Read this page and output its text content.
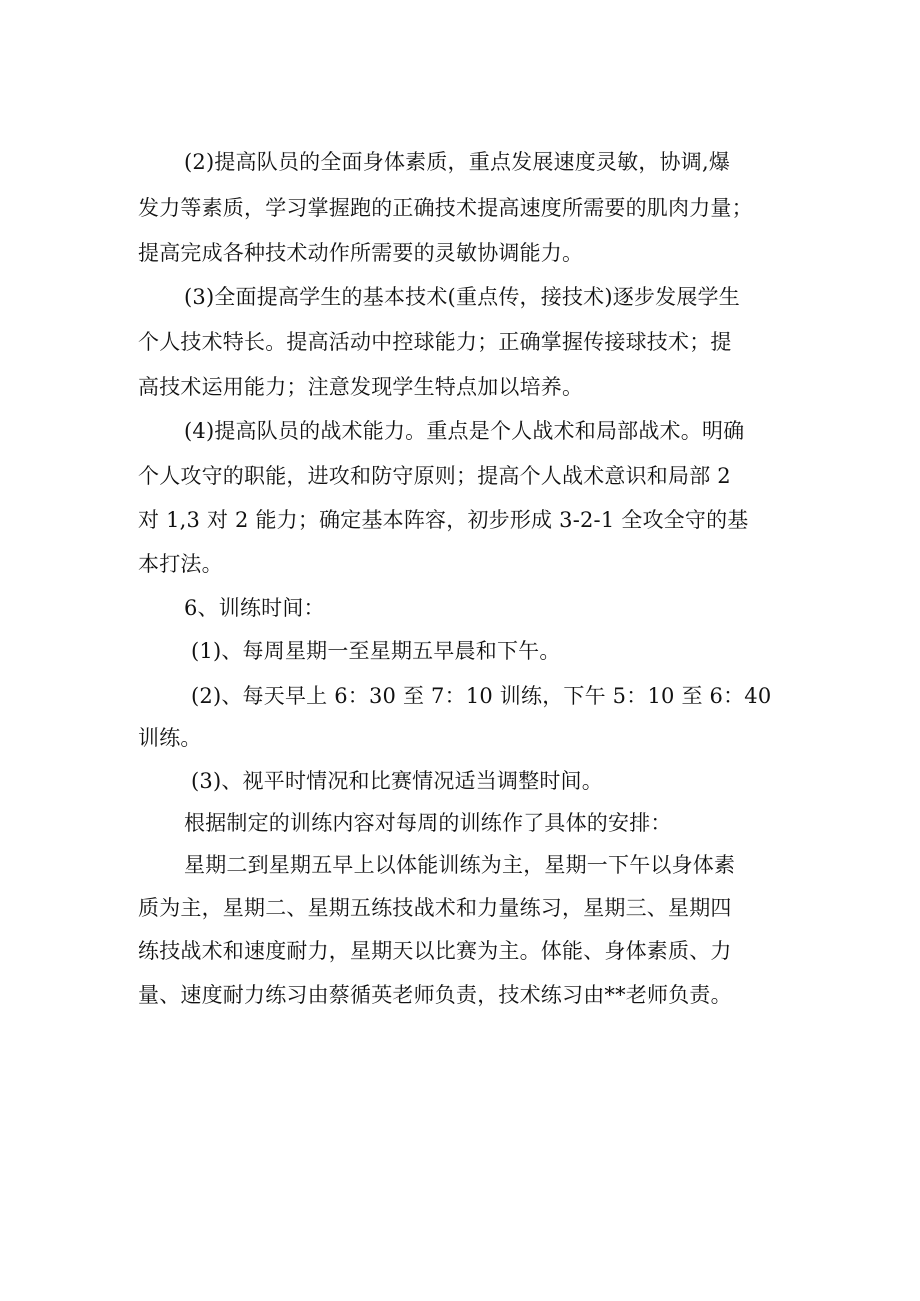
(2)提高队员的全面身体素质，重点发展速度灵敏，协调,爆
发力等素质，学习掌握跑的正确技术提高速度所需要的肌肉力量；
提高完成各种技术动作所需要的灵敏协调能力。
(3)全面提高学生的基本技术(重点传，接技术)逐步发展学生
个人技术特长。提高活动中控球能力；正确掌握传接球技术；提
高技术运用能力；注意发现学生特点加以培养。
(4)提高队员的战术能力。重点是个人战术和局部战术。明确
个人攻守的职能，进攻和防守原则；提高个人战术意识和局部 2
对 1,3 对 2 能力；确定基本阵容，初步形成 3-2-1 全攻全守的基
本打法。
6、训练时间：
(1)、每周星期一至星期五早晨和下午。
(2)、每天早上 6：30 至 7：10 训练，下午 5：10 至 6：40
训练。
(3)、视平时情况和比赛情况适当调整时间。
根据制定的训练内容对每周的训练作了具体的安排：
星期二到星期五早上以体能训练为主，星期一下午以身体素
质为主，星期二、星期五练技战术和力量练习，星期三、星期四
练技战术和速度耐力，星期天以比赛为主。体能、身体素质、力
量、速度耐力练习由蔡循英老师负责，技术练习由**老师负责。
